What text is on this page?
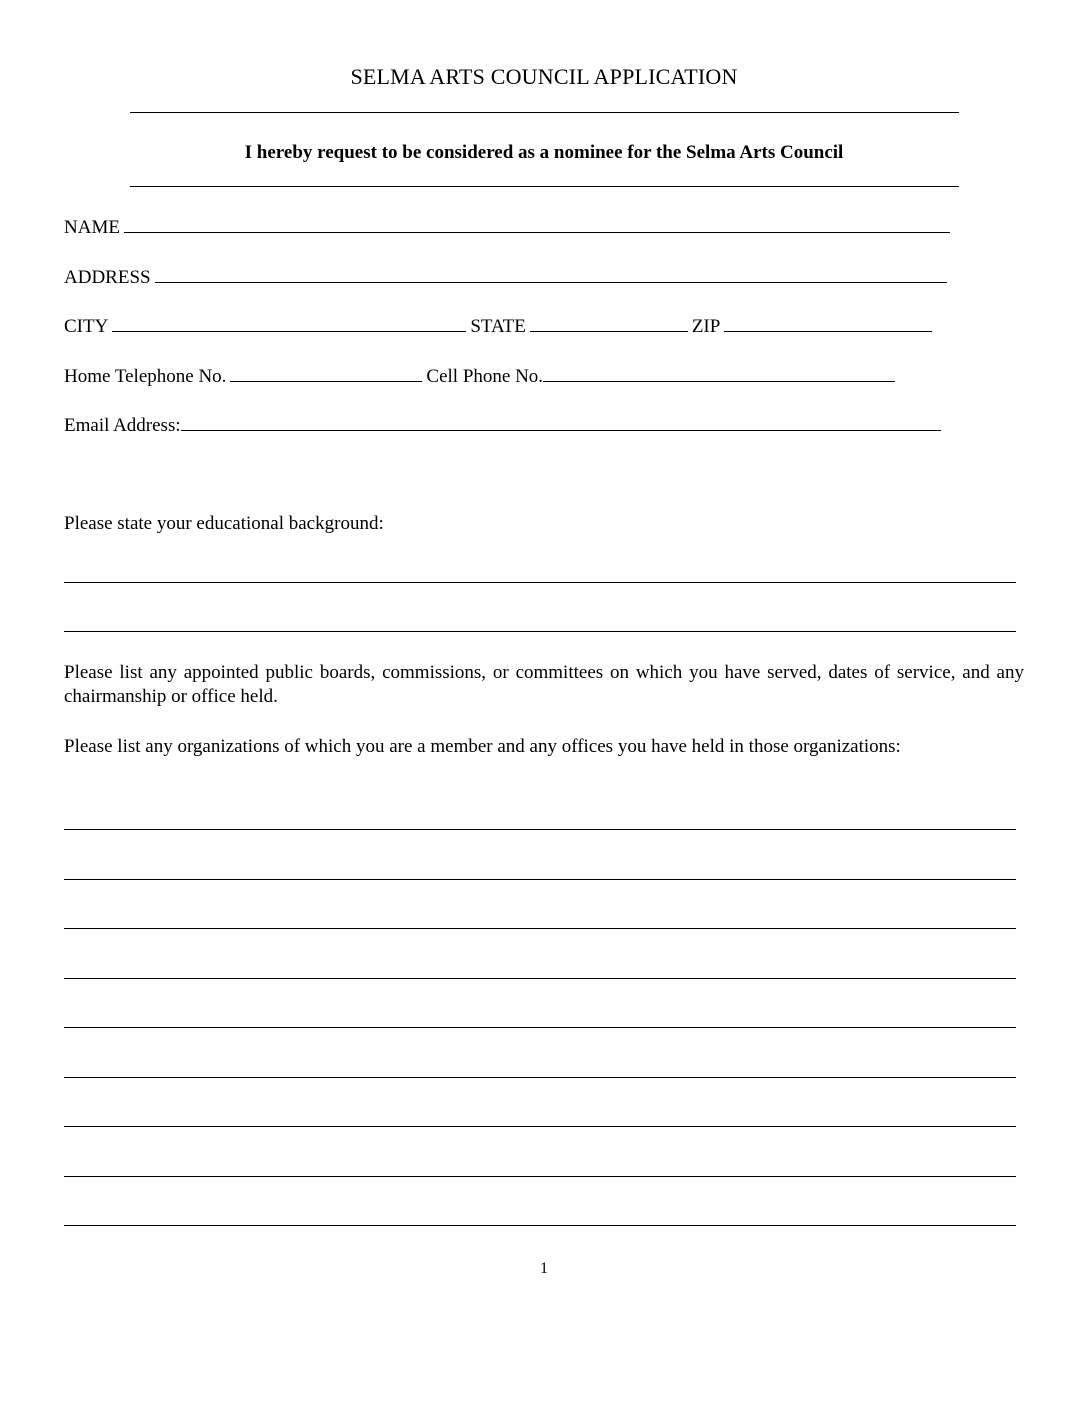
SELMA ARTS COUNCIL APPLICATION
I hereby request to be considered as a nominee for the Selma Arts Council
NAME
ADDRESS
CITY	STATE	ZIP
Home Telephone No.	Cell Phone No.
Email Address:
Please state your educational background:
Please list any appointed public boards, commissions, or committees on which you have served, dates of service, and any chairmanship or office held.
Please list any organizations of which you are a member and any offices you have held in those organizations:
1
